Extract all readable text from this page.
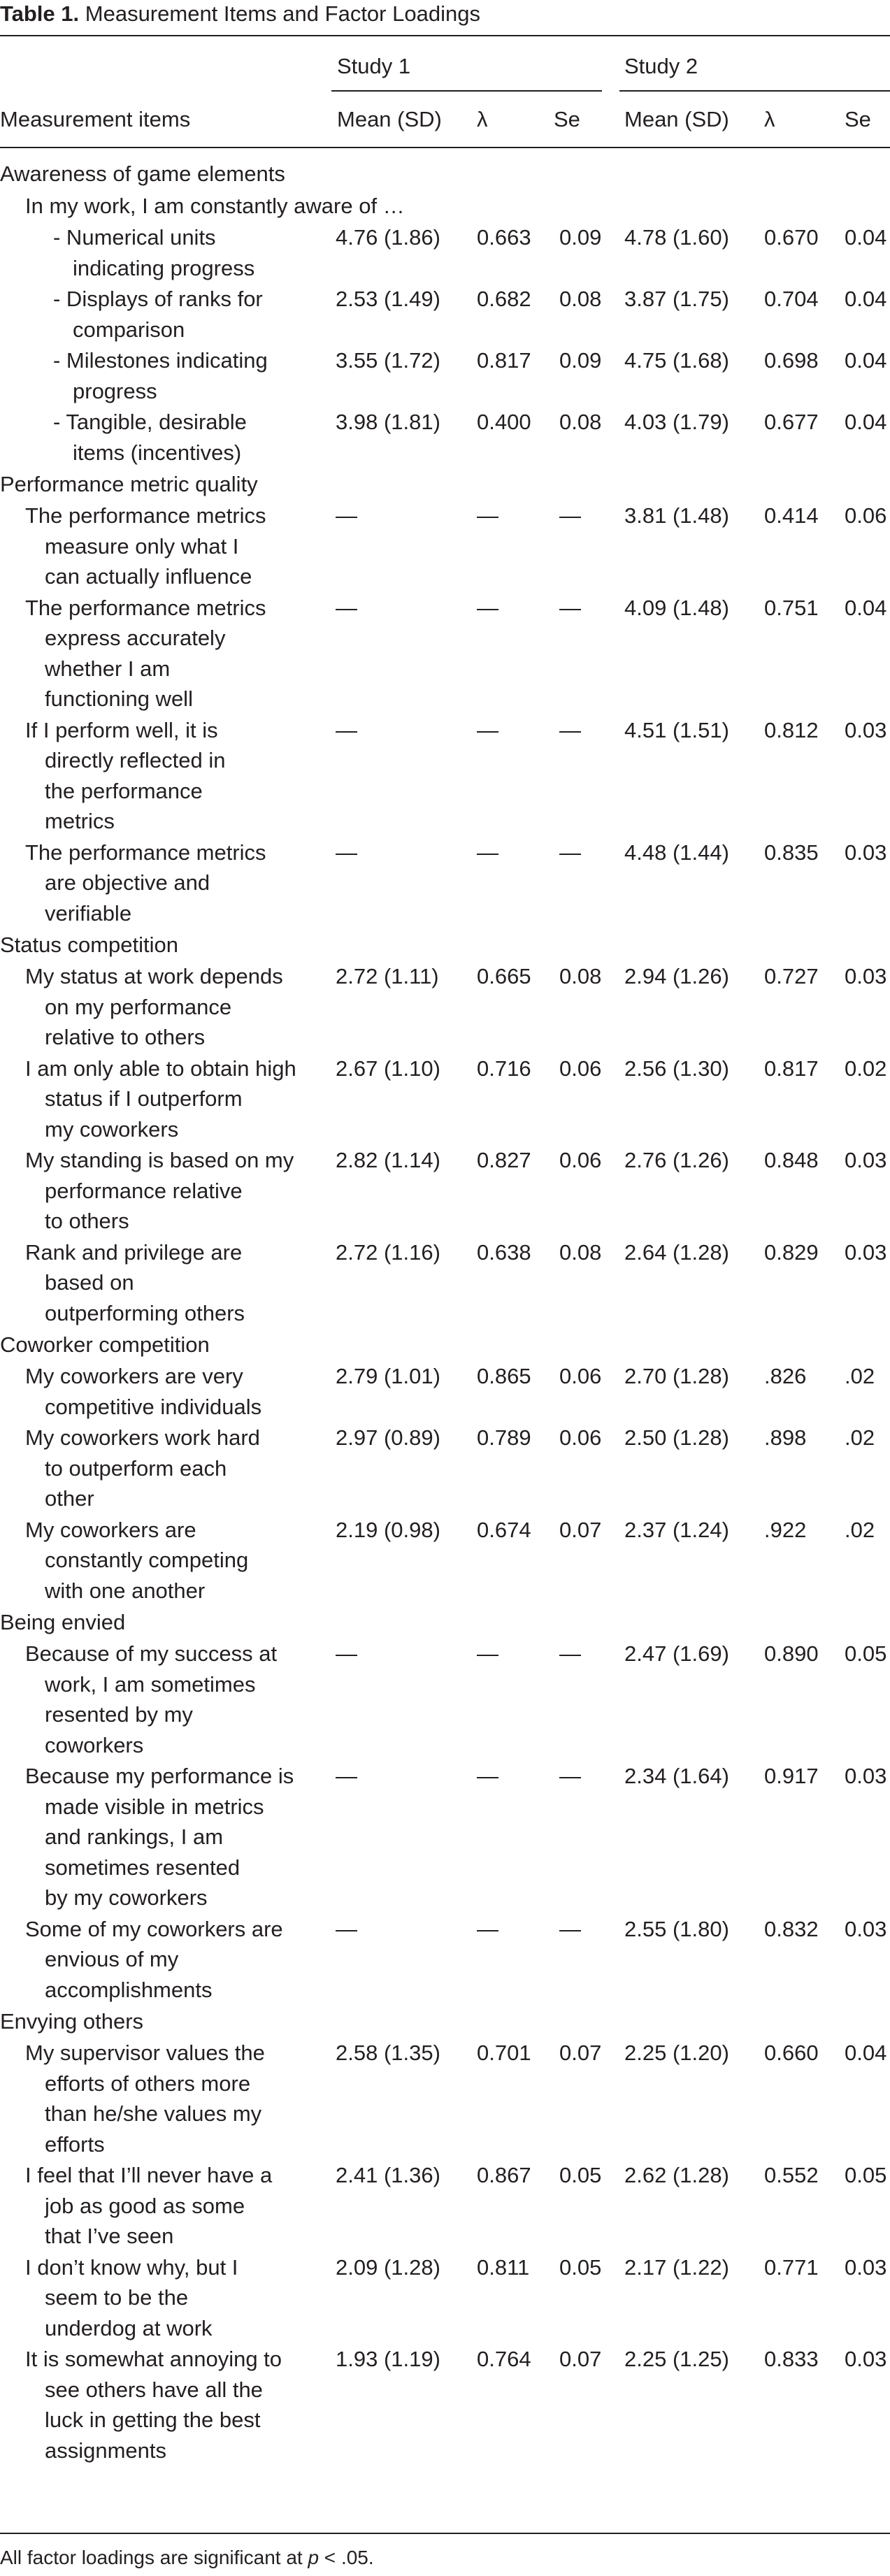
Table 1. Measurement Items and Factor Loadings
Study 1	Study 2
Measurement items	Mean (SD) λ	Se Mean (SD) λ	Se
Awareness of game elements
In my work, I am constantly aware of …
- Numerical units
indicating progress
4.76 (1.86) 0.663 0.09 4.78 (1.60) 0.670 0.04
- Displays of ranks for
comparison
2.53 (1.49) 0.682 0.08 3.87 (1.75) 0.704 0.04
- Milestones indicating
progress
3.55 (1.72) 0.817 0.09 4.75 (1.68) 0.698 0.04
- Tangible, desirable
items (incentives)
3.98 (1.81) 0.400 0.08 4.03 (1.79) 0.677 0.04
Performance metric quality
The performance metrics
measure only what I
can actually influence
—	—	— 3.81 (1.48) 0.414 0.06
The performance metrics
express accurately
whether I am
functioning well
—	—	— 4.09 (1.48) 0.751 0.04
If I perform well, it is
directly reflected in
the performance
metrics
—	—	— 4.51 (1.51) 0.812 0.03
The performance metrics
are objective and
verifiable
—	—	— 4.48 (1.44) 0.835 0.03
Status competition
My status at work depends
on my performance
relative to others
2.72 (1.11) 0.665 0.08 2.94 (1.26) 0.727 0.03
I am only able to obtain high
status if I outperform
my coworkers
2.67 (1.10) 0.716 0.06 2.56 (1.30) 0.817 0.02
My standing is based on my
performance relative
to others
2.82 (1.14) 0.827 0.06 2.76 (1.26) 0.848 0.03
Rank and privilege are
based on
outperforming others
2.72 (1.16) 0.638 0.08 2.64 (1.28) 0.829 0.03
Coworker competition
My coworkers are very
competitive individuals
2.79 (1.01) 0.865 0.06 2.70 (1.28) .826 .02
My coworkers work hard
to outperform each
other
2.97 (0.89) 0.789 0.06 2.50 (1.28) .898 .02
My coworkers are
constantly competing
with one another
2.19 (0.98) 0.674 0.07 2.37 (1.24) .922 .02
Being envied
Because of my success at
work, I am sometimes
resented by my
coworkers
—	—	— 2.47 (1.69) 0.890 0.05
Because my performance is
made visible in metrics
and rankings, I am
sometimes resented
by my coworkers
—	—	— 2.34 (1.64) 0.917 0.03
Some of my coworkers are
envious of my
accomplishments
—	—	— 2.55 (1.80) 0.832 0.03
Envying others
My supervisor values the
efforts of others more
than he/she values my
efforts
2.58 (1.35) 0.701 0.07 2.25 (1.20) 0.660 0.04
I feel that I’ll never have a
job as good as some
that I’ve seen
2.41 (1.36) 0.867 0.05 2.62 (1.28) 0.552 0.05
I don’t know why, but I
seem to be the
underdog at work
2.09 (1.28) 0.811 0.05 2.17 (1.22) 0.771 0.03
It is somewhat annoying to
see others have all the
luck in getting the best
assignments
1.93 (1.19) 0.764 0.07 2.25 (1.25) 0.833 0.03
All factor loadings are significant at p < .05.
